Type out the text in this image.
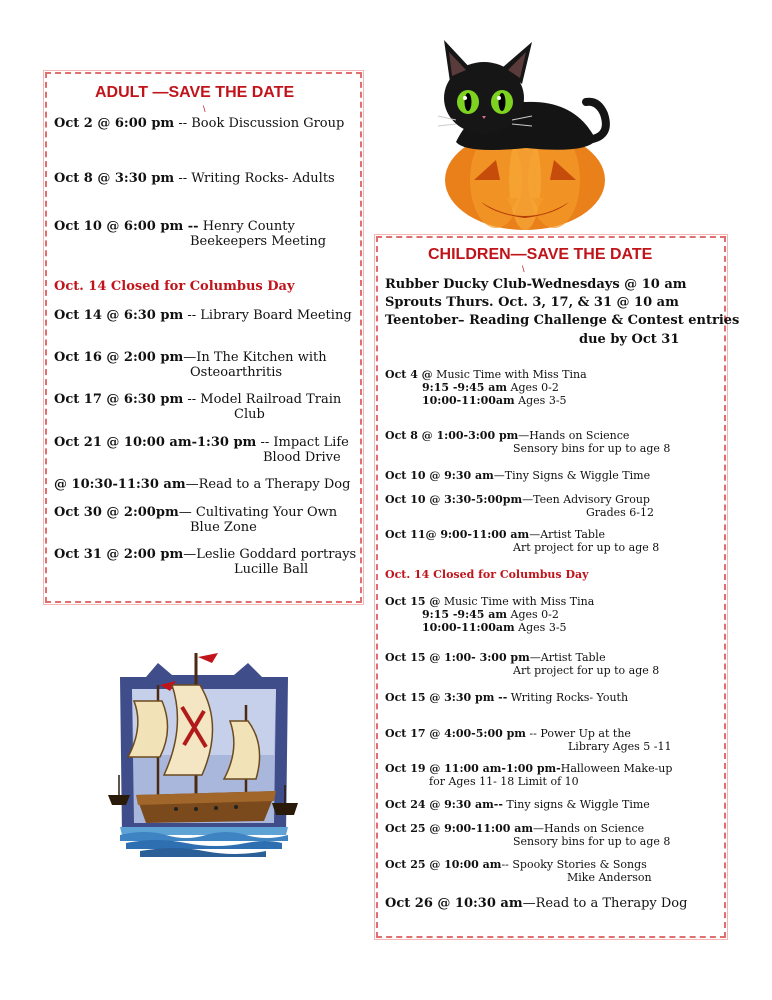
ADULT —SAVE THE DATE
\
Oct 2 @ 6:00 pm -- Book Discussion Group
Oct 8 @ 3:30 pm -- Writing Rocks- Adults
Oct 10 @ 6:00 pm -- Henry County
Beekeepers Meeting
Oct. 14 Closed for Columbus Day
Oct 14 @ 6:30 pm -- Library Board Meeting
Oct 16 @ 2:00 pm—In The Kitchen with
Osteoarthritis
Oct 17 @ 6:30 pm -- Model Railroad Train
Club
Oct 21 @ 10:00 am-1:30 pm -- Impact Life
Blood Drive
@ 10:30-11:30 am—Read to a Therapy Dog
Oct 30 @ 2:00pm— Cultivating Your Own
Blue Zone
Oct 31 @ 2:00 pm—Leslie Goddard portrays
Lucille Ball
CHILDREN—SAVE THE DATE
\
Rubber Ducky Club-Wednesdays @ 10 am
Sprouts Thurs. Oct. 3, 17, & 31 @ 10 am
Teentober– Reading Challenge & Contest entries
due by Oct 31
Oct 4 @ Music Time with Miss Tina
9:15 -9:45 am Ages 0-2
10:00-11:00am Ages 3-5
Oct 8 @ 1:00-3:00 pm—Hands on Science
Sensory bins for up to age 8
Oct 10 @ 9:30 am—Tiny Signs & Wiggle Time
Oct 10 @ 3:30-5:00pm—Teen Advisory Group
Grades 6-12
Oct 11@ 9:00-11:00 am—Artist Table
Art project for up to age 8
Oct. 14 Closed for Columbus Day
Oct 15 @ Music Time with Miss Tina
9:15 -9:45 am Ages 0-2
10:00-11:00am Ages 3-5
Oct 15 @ 1:00- 3:00 pm—Artist Table
Art project for up to age 8
Oct 15 @ 3:30 pm -- Writing Rocks- Youth
Oct 17 @ 4:00-5:00 pm -- Power Up at the
Library Ages 5 -11
Oct 19 @ 11:00 am-1:00 pm-Halloween Make-up
for Ages 11- 18 Limit of 10
Oct 24 @ 9:30 am-- Tiny signs & Wiggle Time
Oct 25 @ 9:00-11:00 am—Hands on Science
Sensory bins for up to age 8
Oct 25 @ 10:00 am-- Spooky Stories & Songs
Mike Anderson
Oct 26 @ 10:30 am—Read to a Therapy Dog
